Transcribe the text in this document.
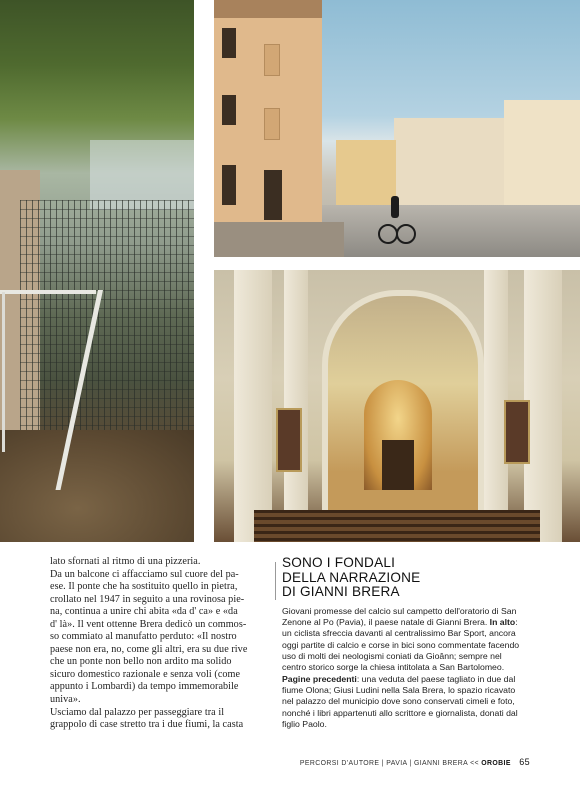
lato sfornati al ritmo di una pizzeria.

Da un balcone ci affacciamo sul cuore del pa-

ese. Il ponte che ha sostituito quello in pietra,

crollato nel 1947 in seguito a una rovinosa pie-

na, continua a unire chi abita «da d' ca» e «da

d' là». Il vent ottenne Brera dedicò un commos-

so commiato al manufatto perduto: «Il nostro

paese non era, no, come gli altri, era su due rive

che un ponte non bello non ardito ma solido

sicuro domestico razionale e senza voli (come

appunto i Lombardi) da tempo immemorabile

univa».

Usciamo dal palazzo per passeggiare tra il

grappolo di case stretto tra i due fiumi, la casta

SONO I FONDALI
DELLA NARRAZIONE
DI GIANNI BRERA

Giovani promesse del calcio sul campetto dell'oratorio di San Zenone al Po (Pavia), il paese natale di Gianni Brera. In alto: un ciclista sfreccia davanti al centralissimo Bar Sport, ancora oggi partite di calcio e corse in bici sono commentate facendo uso di molti dei neologismi coniati da Gioânn; sempre nel centro storico sorge la chiesa intitolata a San Bartolomeo. Pagine precedenti: una veduta del paese tagliato in due dal fiume Olona; Giusi Ludini nella Sala Brera, lo spazio ricavato nel palazzo del municipio dove sono conservati cimeli e foto, nonché i libri appartenuti allo scrittore e giornalista, donati dal figlio Paolo.

PERCORSI D'AUTORE | PAVIA | GIANNI BRERA << OROBIE 65
